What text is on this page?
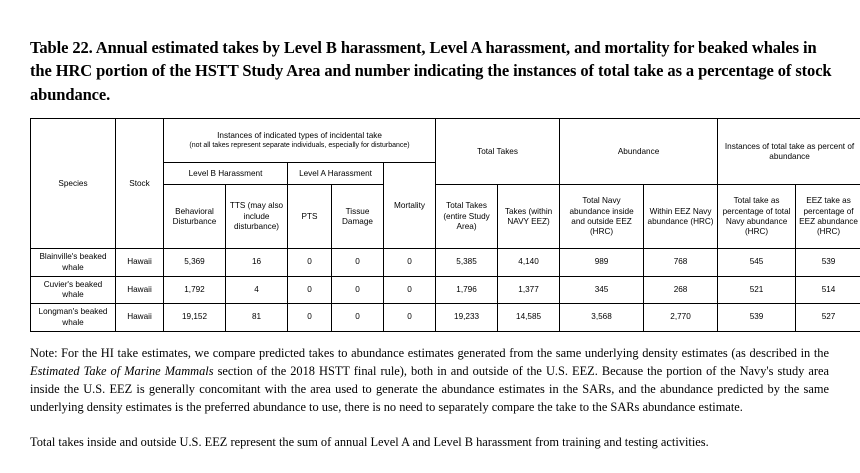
Table 22. Annual estimated takes by Level B harassment, Level A harassment, and mortality for beaked whales in the HRC portion of the HSTT Study Area and number indicating the instances of total take as a percentage of stock abundance.
Species	Stock	Instances of indicated types of incidental take
(not all takes represent separate individuals, especially for disturbance)					Total Takes		Abundance		Instances of total take as percent of abundance	
		Level B Harassment		Level A Harassment		Mortality						
		Behavioral Disturbance	TTS (may also include disturbance)	PTS	Tissue Damage		Total Takes (entire Study Area)	Takes (within NAVY EEZ)	Total Navy abundance inside and outside EEZ (HRC)	Within EEZ Navy abundance (HRC)	Total take as percentage of total Navy abundance (HRC)	EEZ take as percentage of EEZ abundance (HRC)
Blainville's beaked whale	Hawaii	5,369	16	0	0	0	5,385	4,140	989	768	545	539
Cuvier's beaked whale	Hawaii	1,792	4	0	0	0	1,796	1,377	345	268	521	514
Longman's beaked whale	Hawaii	19,152	81	0	0	0	19,233	14,585	3,568	2,770	539	527

Note: For the HI take estimates, we compare predicted takes to abundance estimates generated from the same underlying density estimates (as described in the Estimated Take of Marine Mammals section of the 2018 HSTT final rule), both in and outside of the U.S. EEZ. Because the portion of the Navy's study area inside the U.S. EEZ is generally concomitant with the area used to generate the abundance estimates in the SARs, and the abundance predicted by the same underlying density estimates is the preferred abundance to use, there is no need to separately compare the take to the SARs abundance estimate.

Total takes inside and outside U.S. EEZ represent the sum of annual Level A and Level B harassment from training and testing activities.
